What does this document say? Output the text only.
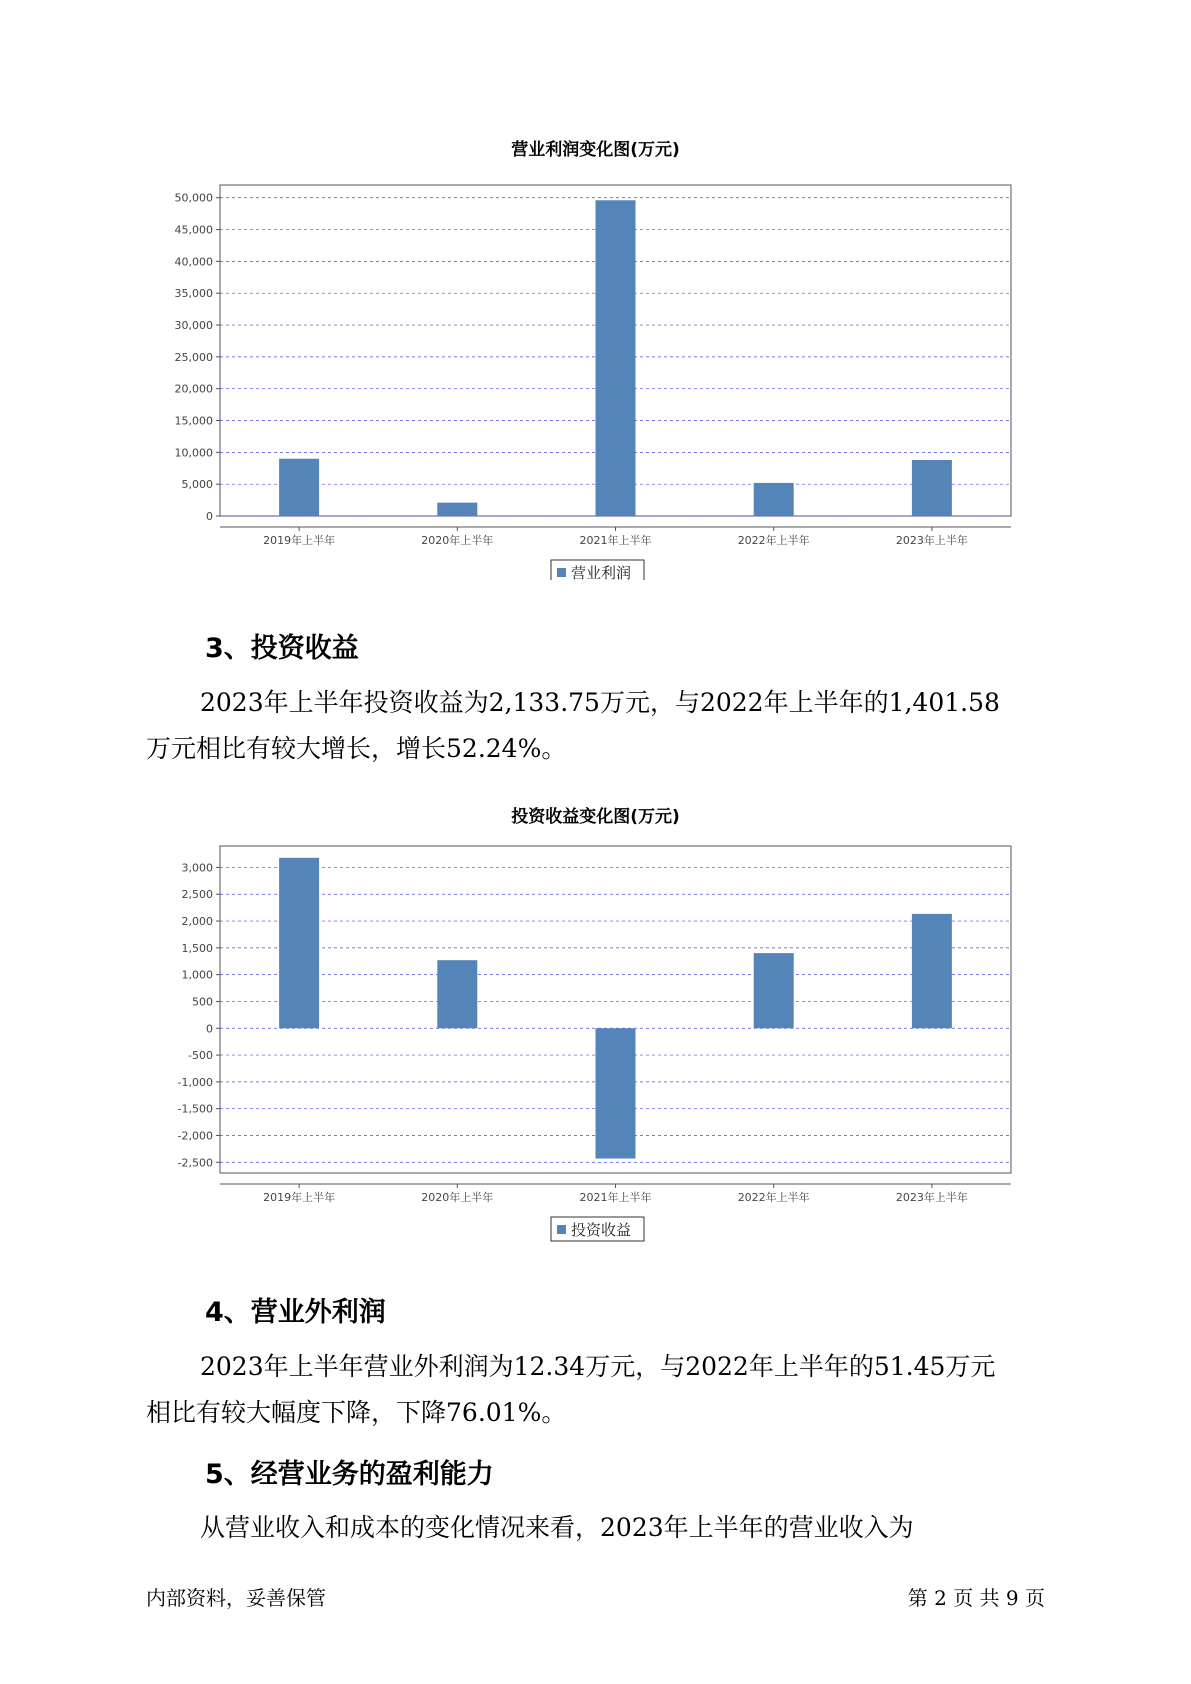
营业利润变化图(万元)
0
5,000
10,000
15,000
20,000
25,000
30,000
35,000
40,000
45,000
50,000
2019年上半年	2020年上半年	2021年上半年	2022年上半年	2023年上半年
营业利润
3、投资收益
2023年上半年投资收益为2,133.75万元，与2022年上半年的1,401.58
万元相比有较大增长，增长52.24%。
投资收益变化图(万元)
-2,500
-2,000
-1,500
-1,000
-500
0
500
1,000
1,500
2,000
2,500
3,000
2019年上半年	2020年上半年	2021年上半年	2022年上半年	2023年上半年
投资收益
4、营业外利润
2023年上半年营业外利润为12.34万元，与2022年上半年的51.45万元
相比有较大幅度下降，下降76.01%。
5、经营业务的盈利能力
从营业收入和成本的变化情况来看，2023年上半年的营业收入为
内部资料，妥善保管	第 2 页 共 9 页
